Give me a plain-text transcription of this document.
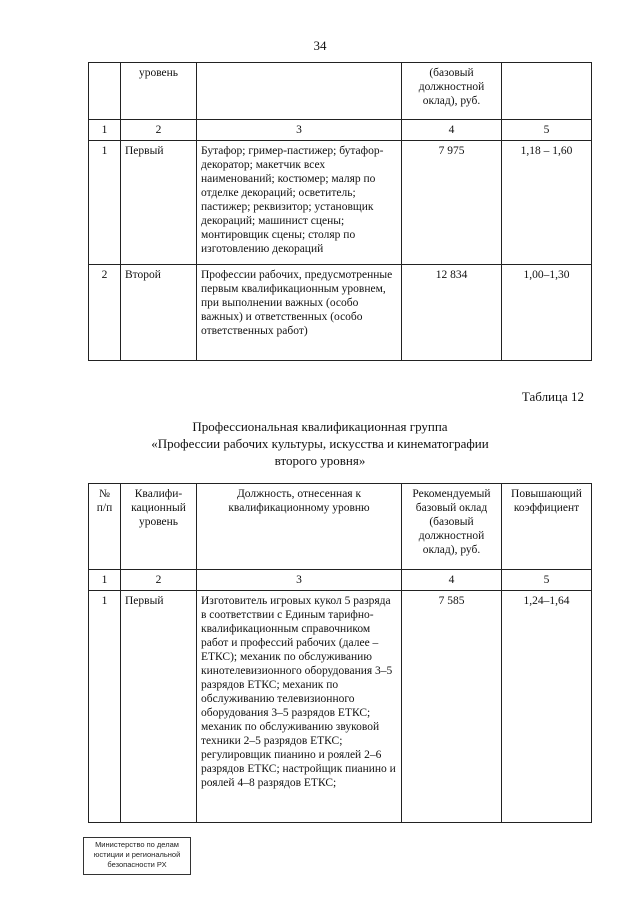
34
	уровень		(базовый должностной оклад), руб.	
1	2	3	4	5
1	Первый	Бутафор; гример-пастижер; бутафор-декоратор; макетчик всех наименований; костюмер; маляр по отделке декораций; осветитель; пастижер; реквизитор; установщик декораций; машинист сцены; монтировщик сцены; столяр по изготовлению декораций	7 975	1,18 – 1,60
2	Второй	Профессии рабочих, предусмотренные первым квалификационным уровнем, при выполнении важных (особо важных) и ответственных (особо ответственных работ)	12 834	1,00–1,30
Таблица 12
Профессиональная квалификационная группа
«Профессии рабочих культуры, искусства и кинематографии
второго уровня»
№ п/п	Квалифи-кационный уровень	Должность, отнесенная к квалификационному уровню	Рекомендуемый базовый оклад (базовый должностной оклад), руб.	Повышающий коэффициент
1	2	3	4	5
1	Первый	Изготовитель игровых кукол 5 разряда в соответствии с Единым тарифно-квалификационным справочником работ и профессий рабочих (далее – ЕТКС); механик по обслуживанию кинотелевизионного оборудования 3–5 разрядов ЕТКС; механик по обслуживанию телевизионного оборудования 3–5 разрядов ЕТКС; механик по обслуживанию звуковой техники 2–5 разрядов ЕТКС; регулировщик пианино и роялей 2–6 разрядов ЕТКС; настройщик пианино и роялей 4–8 разрядов ЕТКС;	7 585	1,24–1,64
Министерство по делам юстиции и региональной безопасности РХ
